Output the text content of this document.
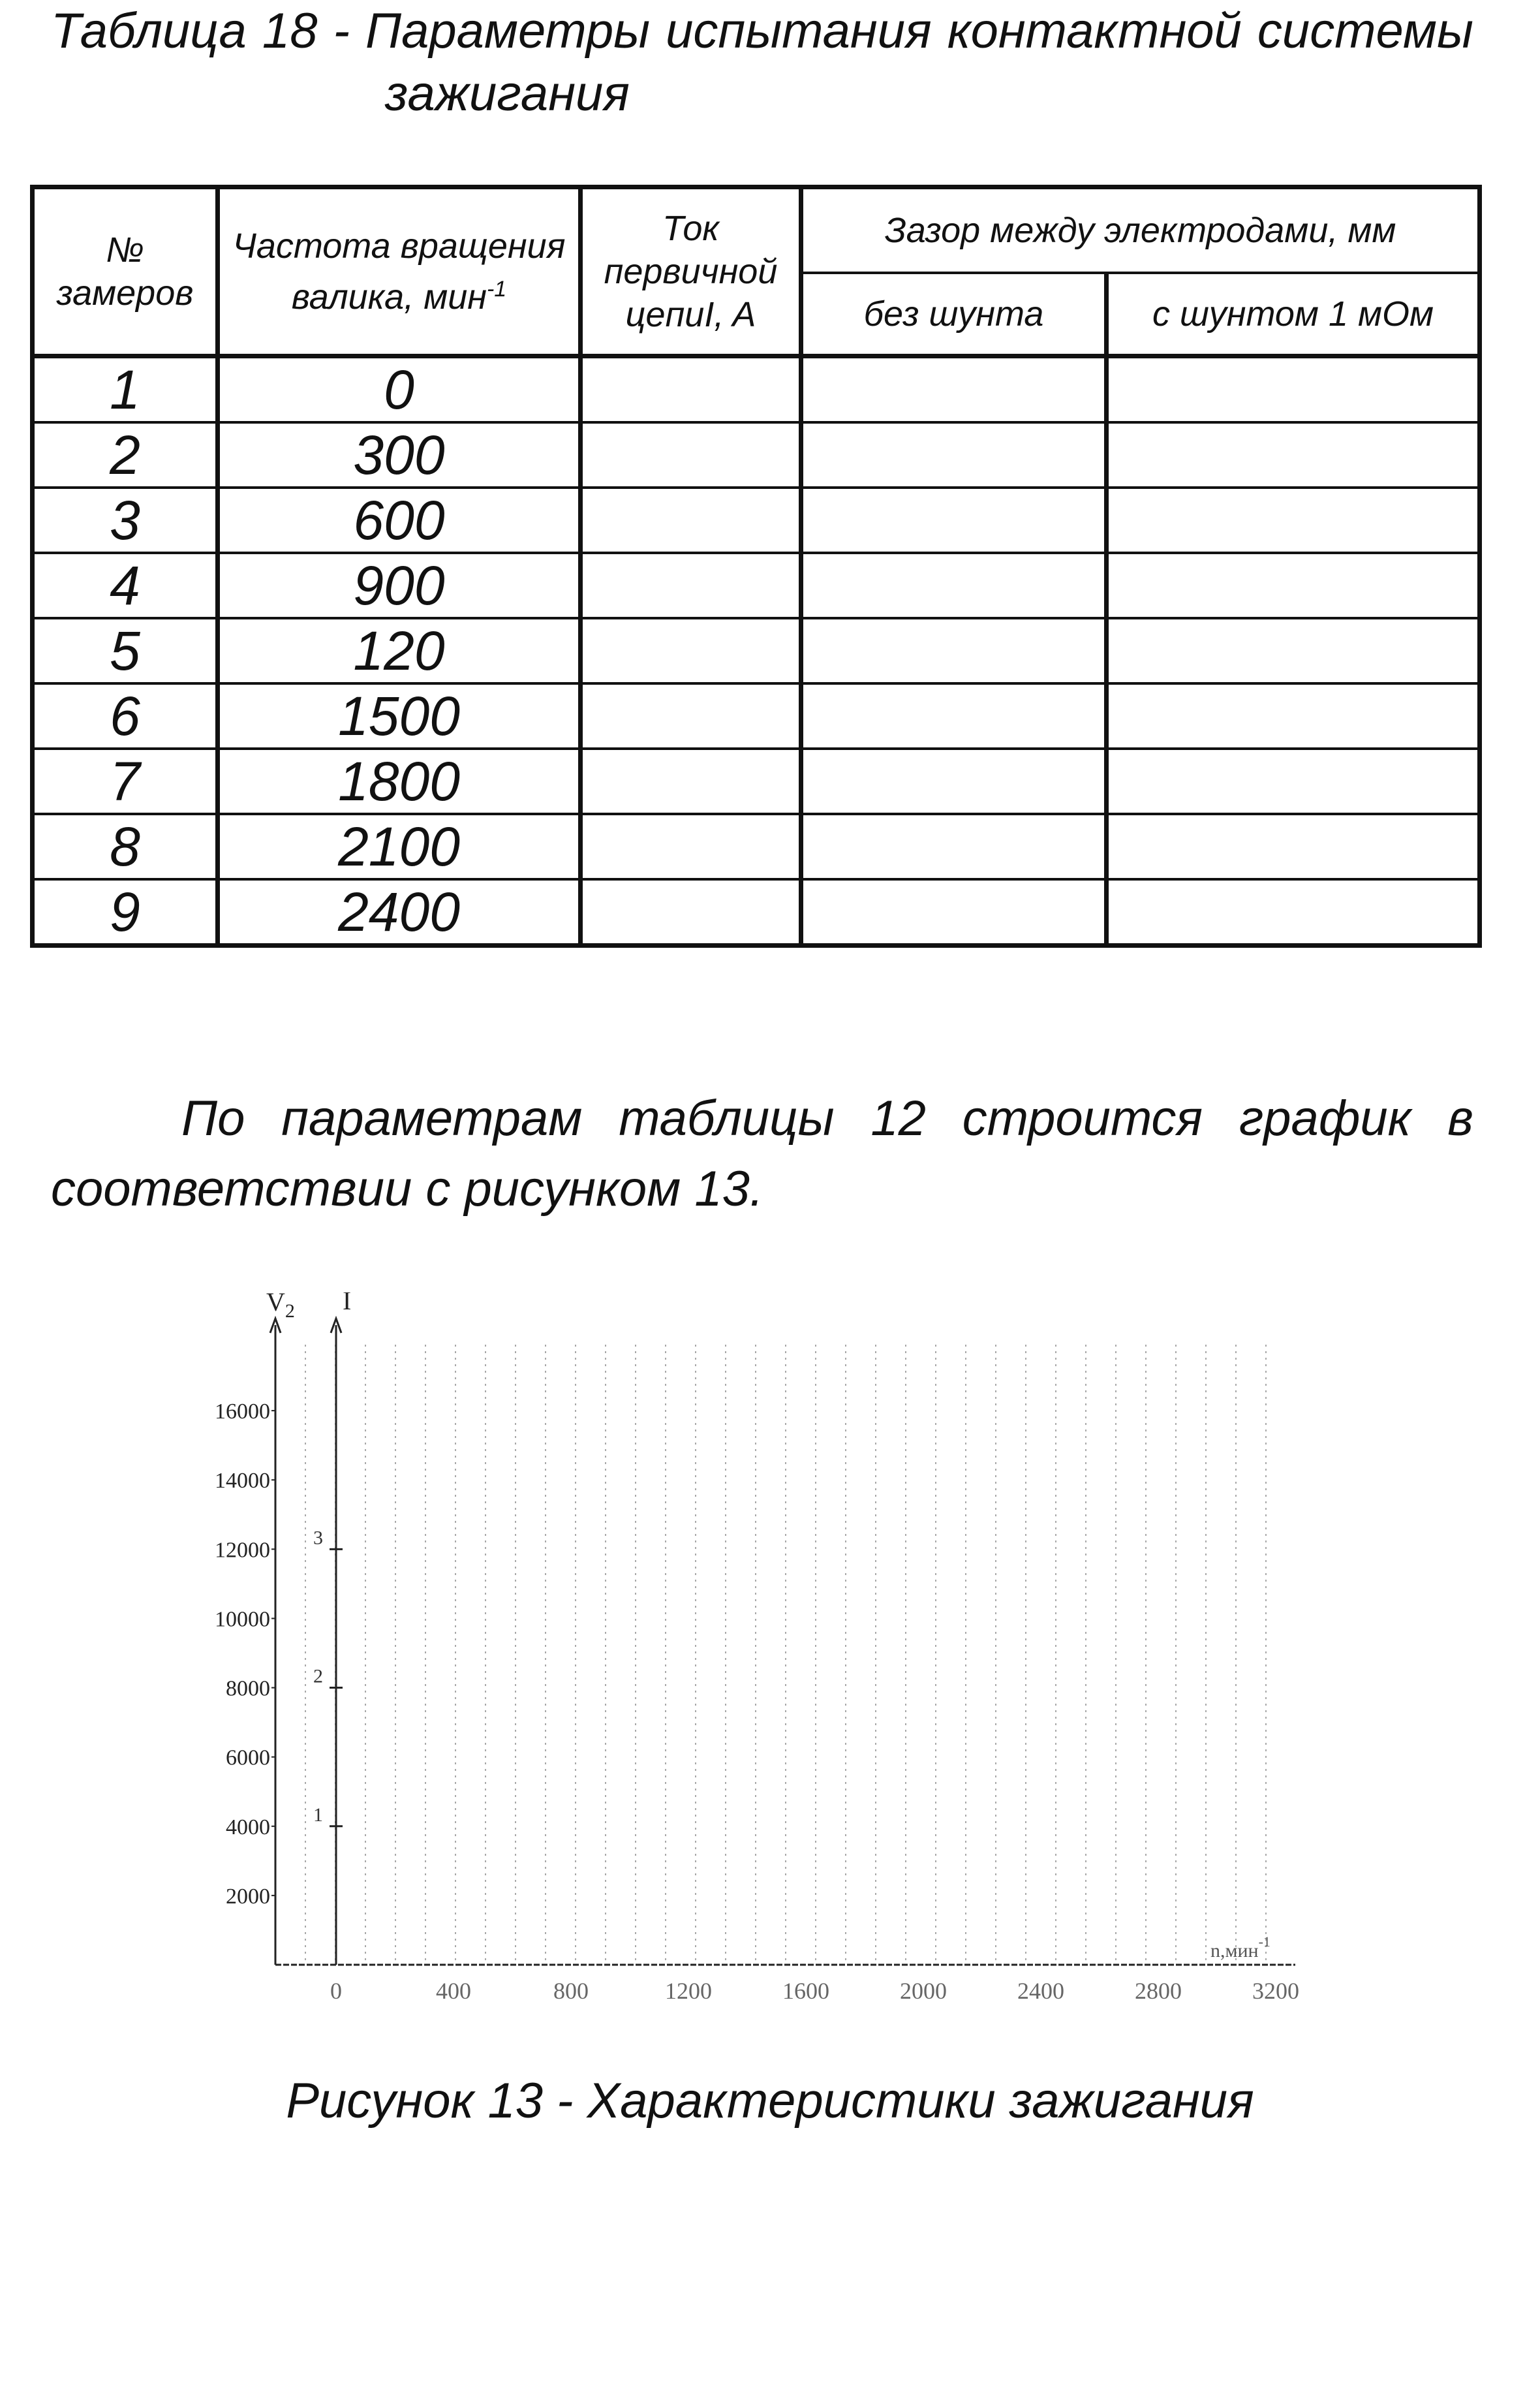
Таблица 18 - Параметры испытания контактной системы
зажигания
№ замеров	Частота вращения валика, мин$^{-1}$	Ток первичной цепиI, A	Зазор между электродами, мм	
			без шунта	с шунтом 1 мОм
1	0			
2	300			
3	600			
4	900			
5	120			
6	1500			
7	1800			
8	2100			
9	2400			
По параметрам таблицы 12 строится график в
соответствии с рисунком 13.
$V_2$ I
2000
4000
6000
8000
10000
12000
14000
16000
1
2
3
0	400	800	1200	1600	2000	2400	2800	3200
n,мин$^{-1}$
Рисунок 13 - Характеристики зажигания
